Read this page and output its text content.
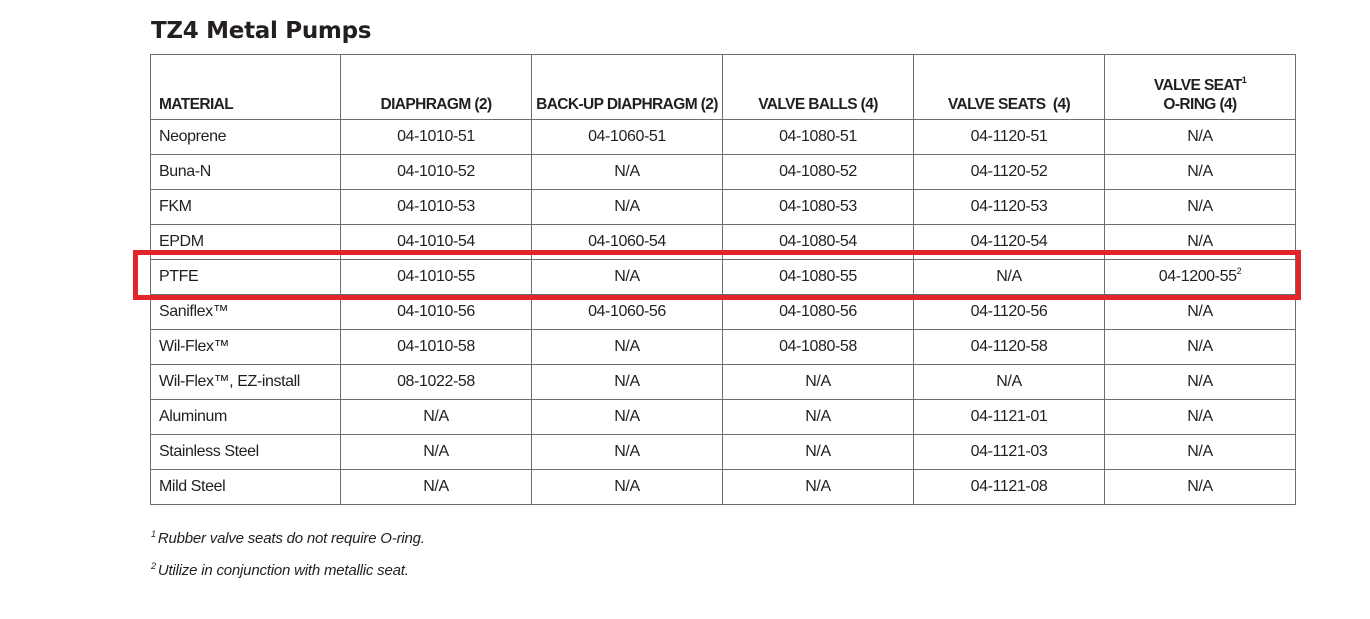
TZ4 Metal Pumps
MATERIAL	DIAPHRAGM (2)	BACK-UP DIAPHRAGM (2)	VALVE BALLS (4)	VALVE SEATS  (4)	VALVE SEAT$^1$
O-RING (4)

Neoprene	04-1010-51	04-1060-51	04-1080-51	04-1120-51	N/A
Buna-N	04-1010-52	N/A	04-1080-52	04-1120-52	N/A
FKM	04-1010-53	N/A	04-1080-53	04-1120-53	N/A
EPDM	04-1010-54	04-1060-54	04-1080-54	04-1120-54	N/A
PTFE	04-1010-55	N/A	04-1080-55	N/A	$04-1200-55^2$
Saniflex™	04-1010-56	04-1060-56	04-1080-56	04-1120-56	N/A
Wil-Flex™	04-1010-58	N/A	04-1080-58	04-1120-58	N/A
Wil-Flex™, EZ-install	08-1022-58	N/A	N/A	N/A	N/A
Aluminum	N/A	N/A	N/A	04-1121-01	N/A
Stainless Steel	N/A	N/A	N/A	04-1121-03	N/A
Mild Steel	N/A	N/A	N/A	04-1121-08	N/A
$^1$ Rubber valve seats do not require O-ring.
$^2$ Utilize in conjunction with metallic seat.
